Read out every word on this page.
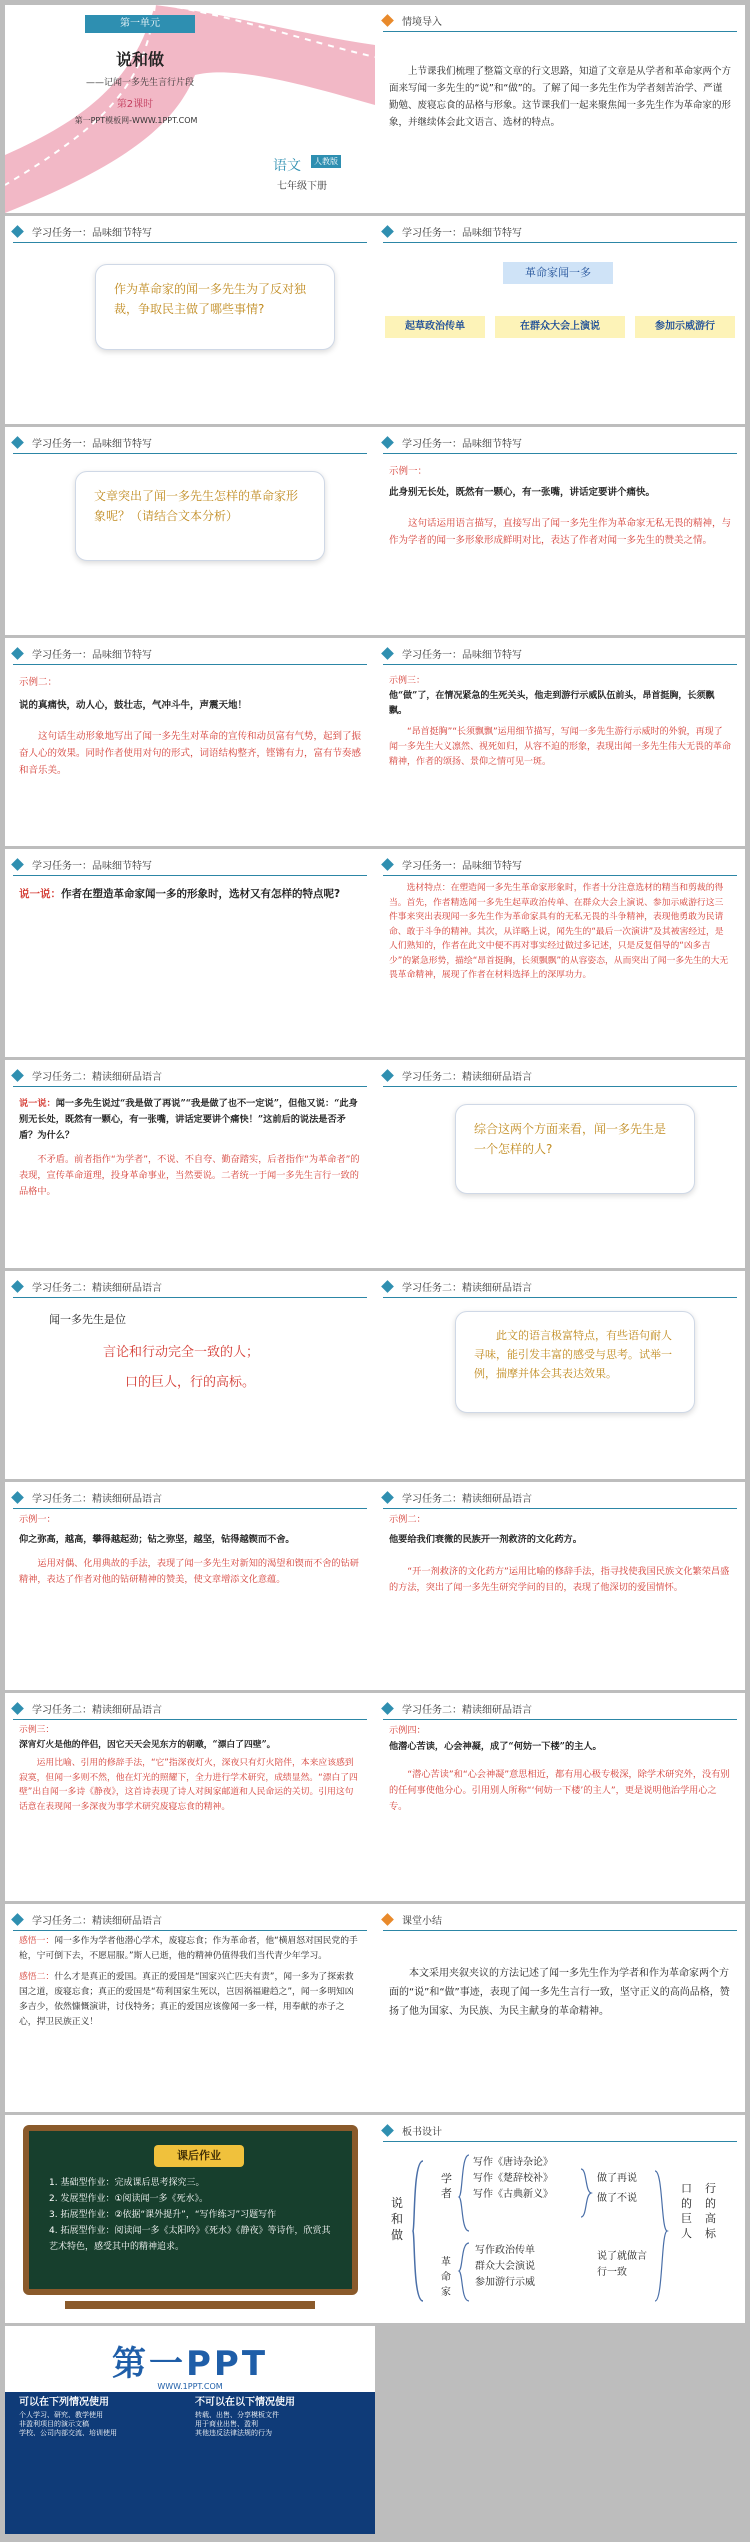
第一单元
说和做
——记闻一多先生言行片段
第2课时
第一PPT模板网-WWW.1PPT.COM
语文	人教版
七年级下册
情境导入
上节课我们梳理了整篇文章的行文思路，知道了文章是从学者和革命家两个方面来写闻一多先生的“说”和“做”的。了解了闻一多先生作为学者刻苦治学、严谨勤勉、废寝忘食的品格与形象。这节课我们一起来聚焦闻一多先生作为革命家的形象，并继续体会此文语言、选材的特点。
学习任务一：品味细节特写
作为革命家的闻一多先生为了反对独裁，争取民主做了哪些事情?
学习任务一：品味细节特写
革命家闻一多
起草政治传单	在群众大会上演说	参加示威游行
学习任务一：品味细节特写
文章突出了闻一多先生怎样的革命家形象呢？（请结合文本分析）
学习任务一：品味细节特写
示例一：
此身别无长处，既然有一颗心，有一张嘴，讲话定要讲个痛快。
这句话运用语言描写，直接写出了闻一多先生作为革命家无私无畏的精神，与作为学者的闻一多形象形成鲜明对比，表达了作者对闻一多先生的赞美之情。
学习任务一：品味细节特写
示例二：
说的真痛快，动人心，鼓壮志，气冲斗牛，声震天地！
这句话生动形象地写出了闻一多先生对革命的宣传和动员富有气势，起到了振奋人心的效果。同时作者使用对句的形式，词语结构整齐，铿锵有力，富有节奏感和音乐美。
学习任务一：品味细节特写
示例三：
他“做”了，在情况紧急的生死关头，他走到游行示威队伍前头，昂首挺胸，长须飘飘。
“昂首挺胸”“长须飘飘”运用细节描写，写闻一多先生游行示威时的外貌，再现了闻一多先生大义凛然、视死如归，从容不迫的形象，表现出闻一多先生伟大无畏的革命精神，作者的颂扬、景仰之情可见一斑。
学习任务一：品味细节特写
说一说：作者在塑造革命家闻一多的形象时，选材又有怎样的特点呢?
学习任务一：品味细节特写
选材特点：在塑造闻一多先生革命家形象时，作者十分注意选材的精当和剪裁的得当。首先，作者精选闻一多先生起草政治传单、在群众大会上演说、参加示威游行这三件事来突出表现闻一多先生作为革命家具有的无私无畏的斗争精神，表现他勇敢为民请命、敢于斗争的精神。其次，从详略上说，闻先生的“最后一次演讲”及其被害经过，是人们熟知的，作者在此文中便不再对事实经过做过多记述，只是反复倡导的“凶多吉少”的紧急形势，描绘“昂首挺胸，长须飘飘”的从容姿态，从而突出了闻一多先生的大无畏革命精神，展现了作者在材料选择上的深厚功力。
学习任务二：精读细研品语言
说一说：闻一多先生说过“我是做了再说”“我是做了也不一定说”，但他又说：“此身别无长处，既然有一颗心，有一张嘴，讲话定要讲个痛快！”这前后的说法是否矛盾？为什么？
不矛盾。前者指作“为学者”，不说、不自夸、勤奋踏实，后者指作“为革命者”的表现，宣传革命道理，投身革命事业，当然要说。二者统一于闻一多先生言行一致的品格中。
学习任务二：精读细研品语言
综合这两个方面来看，闻一多先生是一个怎样的人?
学习任务二：精读细研品语言
闻一多先生是位
言论和行动完全一致的人；
口的巨人，行的高标。
学习任务二：精读细研品语言
此文的语言极富特点，有些语句耐人寻味，能引发丰富的感受与思考。试举一例，揣摩并体会其表达效果。
学习任务二：精读细研品语言
示例一：
仰之弥高，越高，攀得越起劲；钻之弥坚，越坚，钻得越锲而不舍。
运用对偶、化用典故的手法，表现了闻一多先生对新知的渴望和锲而不舍的钻研精神，表达了作者对他的钻研精神的赞美，使文章增添文化意蕴。
学习任务二：精读细研品语言
示例二：
他要给我们衰微的民族开一剂救济的文化药方。
“开一剂救济的文化药方”运用比喻的修辞手法，指寻找使我国民族文化繁荣昌盛的方法，突出了闻一多先生研究学问的目的，表现了他深切的爱国情怀。
学习任务二：精读细研品语言
示例三：
深宵灯火是他的伴侣，因它天天会见东方的朝暾，“漂白了四壁”。
运用比喻、引用的修辞手法，“它”指深夜灯火，深夜只有灯火陪伴，本来应该感到寂寞，但闻一多则不然，他在灯光的照耀下，全力进行学术研究，成绩显然。“漂白了四壁”出自闻一多诗《静夜》，这首诗表现了诗人对闽家邮道和人民命运的关切。引用这句话意在表现闻一多深夜为事学术研究废寝忘食的精神。
学习任务二：精读细研品语言
示例四：
他潜心苦读，心会神凝，成了“何妨一下楼”的主人。
“潜心苦读”和“心会神凝”意思相近，都有用心极专极深，除学术研究外，没有别的任何事使他分心。引用别人所称“‘何妨一下楼’的主人”，更是说明他治学用心之专。
学习任务二：精读细研品语言
感悟一：闻一多作为学者他潜心学术，废寝忘食；作为革命者，他“横眉怒对国民党的手枪，宁可倒下去，不愿屈服。”斯人已逝，他的精神仍值得我们当代青少年学习。
感悟二：什么才是真正的爱国。真正的爱国是“国家兴亡匹夫有责”，闻一多为了探索救国之道，废寝忘食；真正的爱国是“苟利国家生死以，岂因祸福避趋之”，闻一多明知凶多吉少，依然慷慨演讲，讨伐特务；真正的爱国应该像闻一多一样，用奉献的赤子之心，捍卫民族正义！
课堂小结
本文采用夹叙夹议的方法记述了闻一多先生作为学者和作为革命家两个方面的“说”和“做”事迹，表现了闻一多先生言行一致，坚守正义的高尚品格，赞扬了他为国家、为民族、为民主献身的革命精神。
课后作业
1. 基础型作业：完成课后思考探究三。
2. 发展型作业：①阅读闻一多《死水》。
3. 拓展型作业：②依据“课外提升”，“写作练习”习题写作
4. 拓展型作业：阅读闻一多《太阳吟》《死水》《静夜》等诗作，欣赏其艺术特色，感受其中的精神追求。
板书设计
说和做
学者
革命家
写作《唐诗杂论》
写作《楚辞校补》
写作《古典新义》
写作政治传单
群众大会演说
参加游行示威
做了再说
做了不说
说了就做言行一致
口的巨人
行的高标
第一PPT
WWW.1PPT.COM
可以在下列情况使用
个人学习、研究、教学使用
非盈利项目的演示文稿
学校、公司内部交流、培训使用
不可以在以下情况使用
转载、出售、分享模板文件
用于商业出售、盈利
其他违反法律法规的行为
